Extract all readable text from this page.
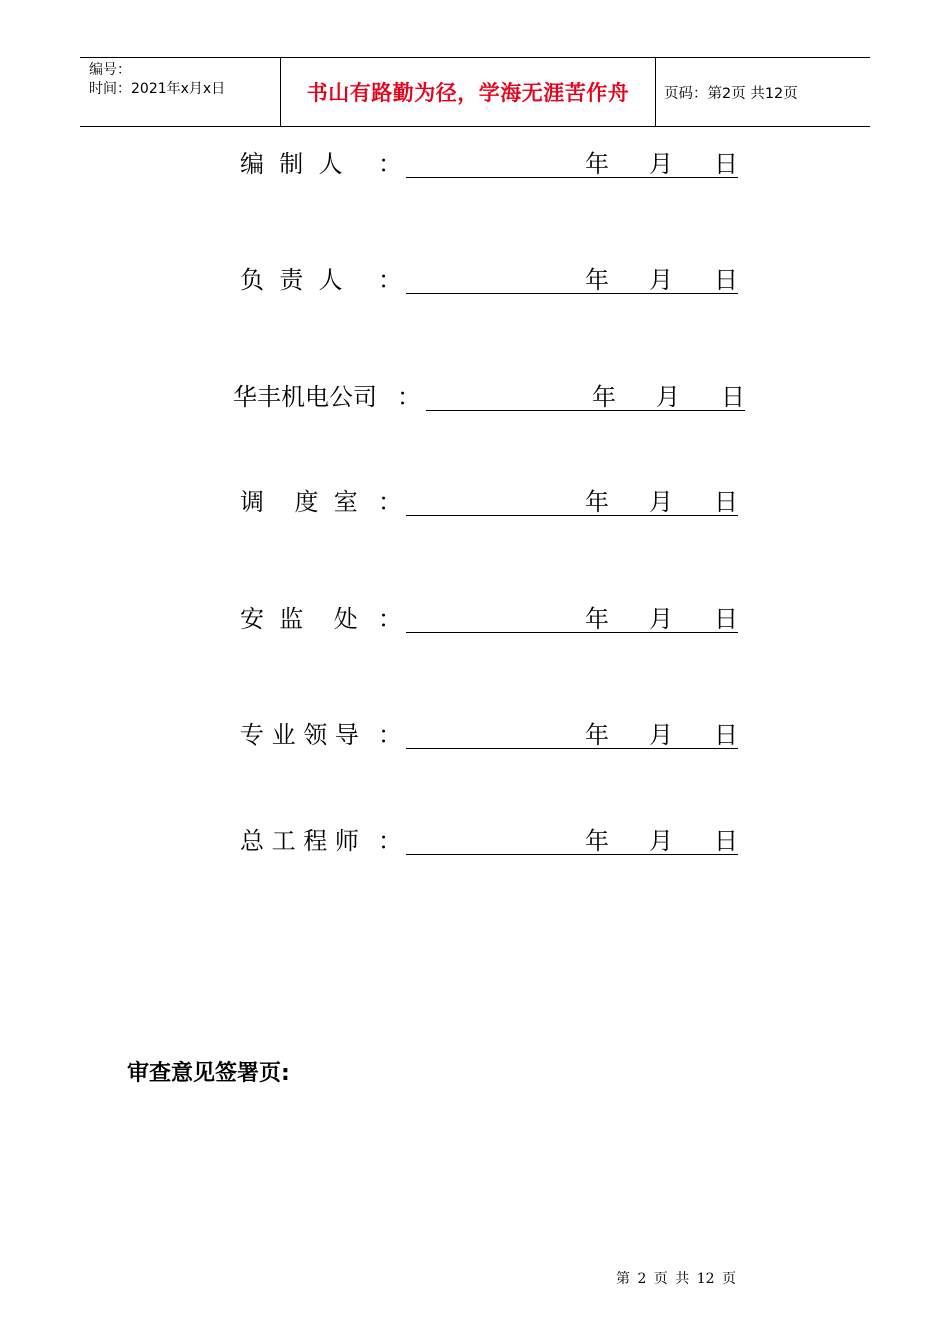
编号：
时间：2021年x月x日	书山有路勤为径，学海无涯苦作舟 页码：第2页 共12页
编  制  人 ：	年 月 日
负  责  人 ：	年 月 日
华丰机电公司 ：	年 月 日
调    度  室 ：	年 月 日
安  监    处 ：	年 月 日
专 业 领 导 ：	年 月 日
总 工 程 师 ：	年 月 日
审查意见签署页:
第 2 页 共 12 页
